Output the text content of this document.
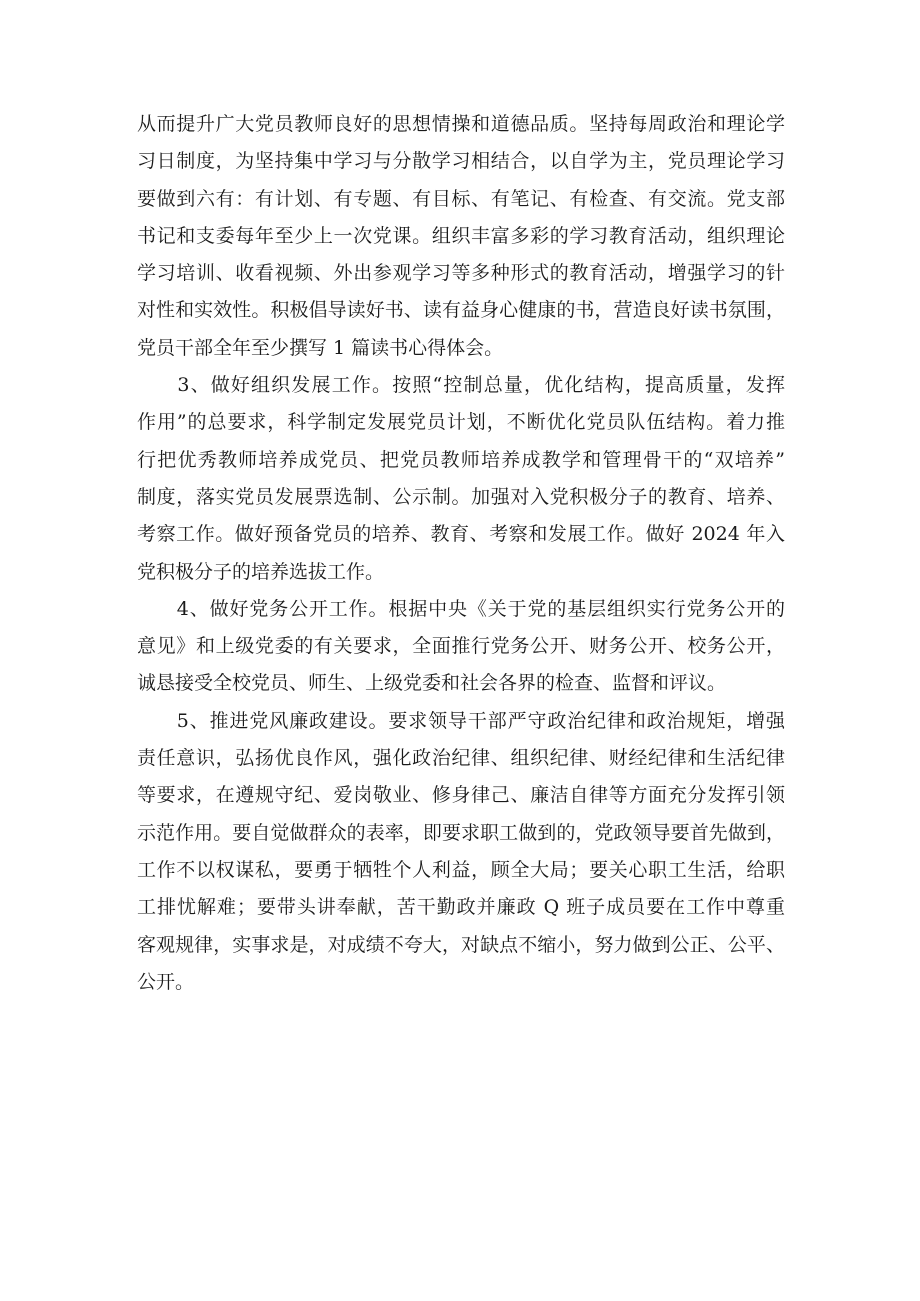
从而提升广大党员教师良好的思想情操和道德品质。坚持每周政治和理论学
习日制度，为坚持集中学习与分散学习相结合，以自学为主，党员理论学习
要做到六有：有计划、有专题、有目标、有笔记、有检查、有交流。党支部
书记和支委每年至少上一次党课。组织丰富多彩的学习教育活动，组织理论
学习培训、收看视频、外出参观学习等多种形式的教育活动，增强学习的针
对性和实效性。积极倡导读好书、读有益身心健康的书，营造良好读书氛围，
党员干部全年至少撰写 1 篇读书心得体会。
　　3、做好组织发展工作。按照“控制总量，优化结构，提高质量，发挥
作用”的总要求，科学制定发展党员计划，不断优化党员队伍结构。着力推
行把优秀教师培养成党员、把党员教师培养成教学和管理骨干的“双培养”
制度，落实党员发展票选制、公示制。加强对入党积极分子的教育、培养、
考察工作。做好预备党员的培养、教育、考察和发展工作。做好 2024 年入
党积极分子的培养选拔工作。
　　4、做好党务公开工作。根据中央《关于党的基层组织实行党务公开的
意见》和上级党委的有关要求，全面推行党务公开、财务公开、校务公开，
诚恳接受全校党员、师生、上级党委和社会各界的检查、监督和评议。
　　5、推进党风廉政建设。要求领导干部严守政治纪律和政治规矩，增强
责任意识，弘扬优良作风，强化政治纪律、组织纪律、财经纪律和生活纪律
等要求，在遵规守纪、爱岗敬业、修身律己、廉洁自律等方面充分发挥引领
示范作用。要自觉做群众的表率，即要求职工做到的，党政领导要首先做到，
工作不以权谋私，要勇于牺牲个人利益，顾全大局；要关心职工生活，给职
工排忧解难；要带头讲奉献，苦干勤政并廉政 Q 班子成员要在工作中尊重
客观规律，实事求是，对成绩不夸大，对缺点不缩小，努力做到公正、公平、
公开。
